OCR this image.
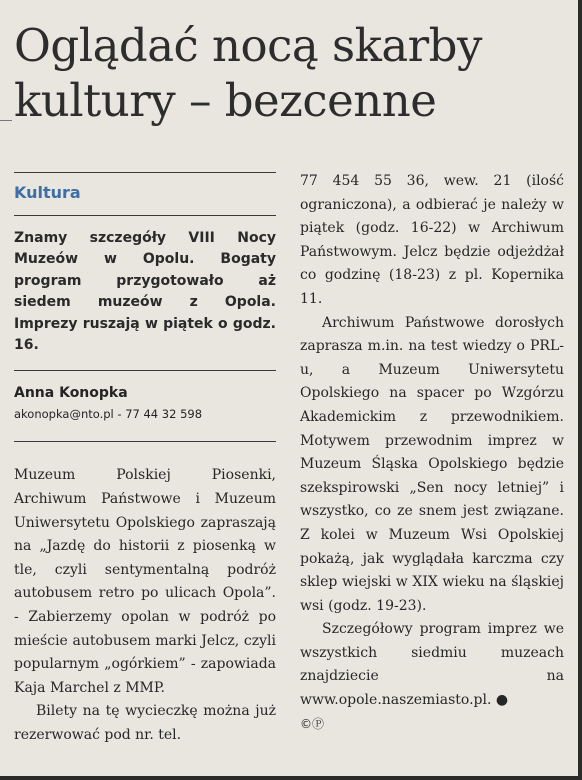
Oglądać nocą skarby
kultury – bezcenne
Kultura
Znamy szczegóły VIII Nocy Muzeów w Opolu. Bogaty program przygotowało aż siedem muzeów z Opola. Imprezy ruszają w piątek o godz. 16.
Anna Konopka
akonopka@nto.pl - 77 44 32 598

Muzeum Polskiej Piosenki, Archiwum Państwowe i Muzeum Uniwersytetu Opolskiego zapraszają na „Jazdę do historii z piosenką w tle, czyli sentymentalną podróż autobusem retro po ulicach Opola”. - Zabierzemy opolan w podróż po mieście autobusem marki Jelcz, czyli popularnym „ogórkiem” - zapowiada Kaja Marchel z MMP.

Bilety na tę wycieczkę można już rezerwować pod nr. tel.

77 454 55 36, wew. 21 (ilość ograniczona), a odbierać je należy w piątek (godz. 16-22) w Archiwum Państwowym. Jelcz będzie odjeżdżał co godzinę (18-23) z pl. Kopernika 11.

Archiwum Państwowe dorosłych zaprasza m.in. na test wiedzy o PRL-u, a Muzeum Uniwersytetu Opolskiego na spacer po Wzgórzu Akademickim z przewodnikiem. Motywem przewodnim imprez w Muzeum Śląska Opolskiego będzie szekspirowski „Sen nocy letniej” i wszystko, co ze snem jest związane. Z kolei w Muzeum Wsi Opolskiej pokażą, jak wyglądała karczma czy sklep wiejski w XIX wieku na śląskiej wsi (godz. 19-23).

Szczegółowy program imprez we wszystkich siedmiu muzeach znajdziecie na www.opole.naszemiasto.pl. ●

©Ⓟ
